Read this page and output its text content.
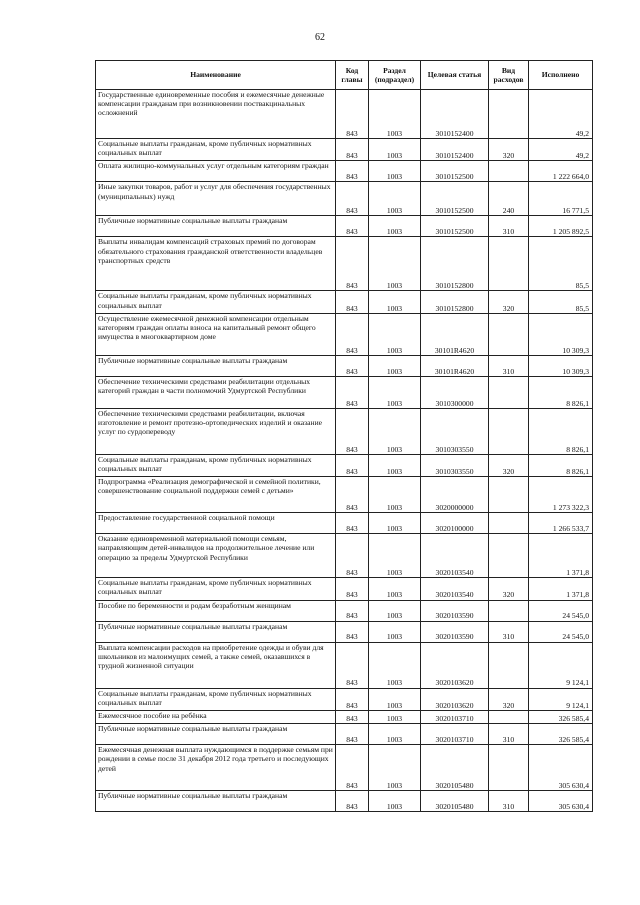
62
Наименование	Код главы	Раздел (подраздел)	Целевая статья	Вид расходов	Исполнено
Государственные единовременные пособия и ежемесячные денежные компенсации гражданам при возникновении поствакцинальных осложнений	843	1003	3010152400		49,2
Социальные выплаты гражданам, кроме публичных нормативных социальных выплат	843	1003	3010152400	320	49,2
Оплата жилищно-коммунальных услуг отдельным категориям граждан	843	1003	3010152500		1 222 664,0
Иные закупки товаров, работ и услуг для обеспечения государственных (муниципальных) нужд	843	1003	3010152500	240	16 771,5
Публичные нормативные социальные выплаты гражданам	843	1003	3010152500	310	1 205 892,5
Выплаты инвалидам компенсаций страховых премий по договорам обязательного страхования гражданской ответственности владельцев транспортных средств	843	1003	3010152800		85,5
Социальные выплаты гражданам, кроме публичных нормативных социальных выплат	843	1003	3010152800	320	85,5
Осуществление ежемесячной денежной компенсации отдельным категориям граждан оплаты взноса на капитальный ремонт общего имущества в многоквартирном доме	843	1003	30101R4620		10 309,3
Публичные нормативные социальные выплаты гражданам	843	1003	30101R4620	310	10 309,3
Обеспечение техническими средствами реабилитации отдельных категорий граждан в части полномочий Удмуртской Республики	843	1003	3010300000		8 826,1
Обеспечение техническими средствами реабилитации, включая изготовление и ремонт протезно-ортопедических изделий и оказание услуг по сурдопереводу	843	1003	3010303550		8 826,1
Социальные выплаты гражданам, кроме публичных нормативных социальных выплат	843	1003	3010303550	320	8 826,1
Подпрограмма «Реализация демографической и семейной политики, совершенствование социальной поддержки семей с детьми»	843	1003	3020000000		1 273 322,3
Предоставление государственной социальной помощи	843	1003	3020100000		1 266 533,7
Оказание единовременной материальной помощи семьям, направляющим детей-инвалидов на продолжительное лечение или операцию за пределы Удмуртской Республики	843	1003	3020103540		1 371,8
Социальные выплаты гражданам, кроме публичных нормативных социальных выплат	843	1003	3020103540	320	1 371,8
Пособие по беременности и родам безработным женщинам	843	1003	3020103590		24 545,0
Публичные нормативные социальные выплаты гражданам	843	1003	3020103590	310	24 545,0
Выплата компенсации расходов на приобретение одежды и обуви для школьников из малоимущих семей, а также семей, оказавшихся в трудной жизненной ситуации	843	1003	3020103620		9 124,1
Социальные выплаты гражданам, кроме публичных нормативных социальных выплат	843	1003	3020103620	320	9 124,1
Ежемесячное пособие на ребёнка	843	1003	3020103710		326 585,4
Публичные нормативные социальные выплаты гражданам	843	1003	3020103710	310	326 585,4
Ежемесячная денежная выплата нуждающимся в поддержке семьям при рождении в семье после 31 декабря 2012 года третьего и последующих детей	843	1003	3020105480		305 630,4
Публичные нормативные социальные выплаты гражданам	843	1003	3020105480	310	305 630,4
